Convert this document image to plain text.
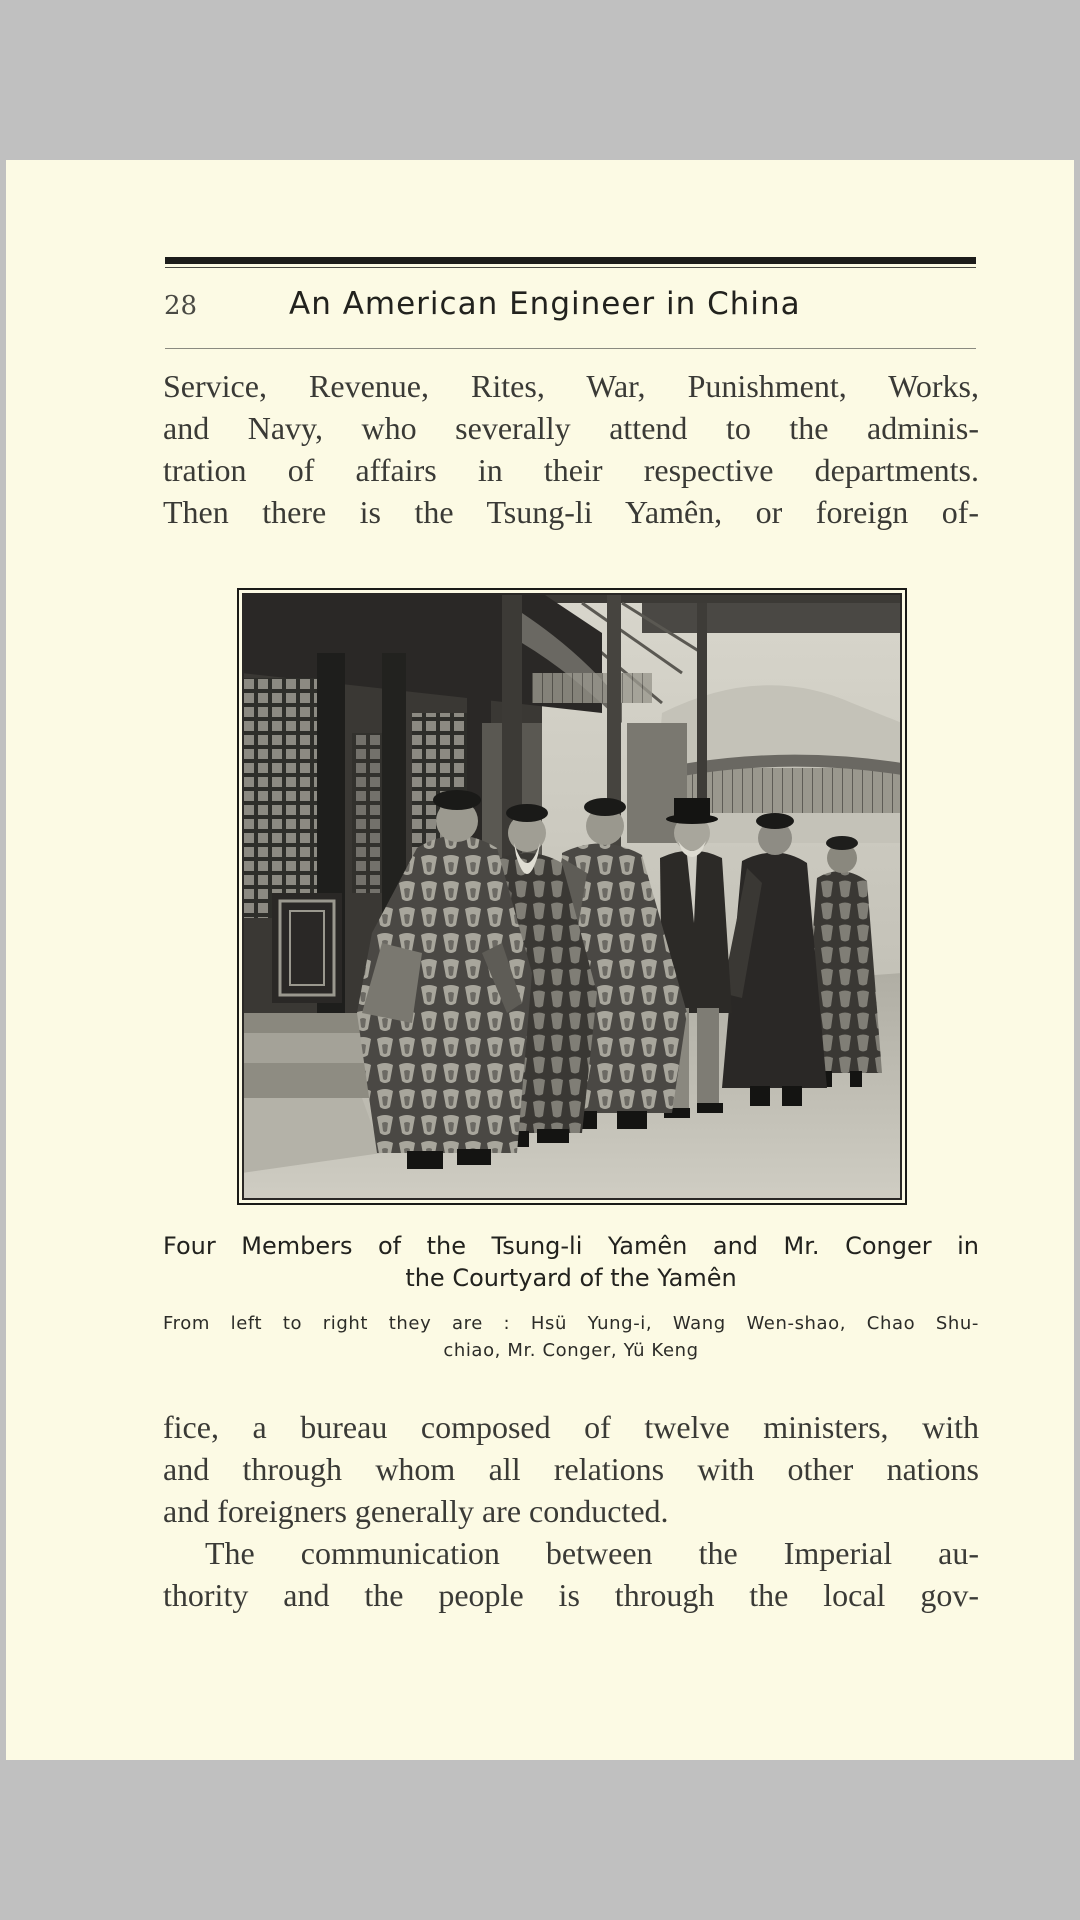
28	An American Engineer in China
Service, Revenue, Rites, War, Punishment, Works,
and Navy, who severally attend to the adminis-
tration of affairs in their respective departments.
Then there is the Tsung-li Yamên, or foreign of-
Four Members of the Tsung-li Yamên and Mr. Conger in
the Courtyard of the Yamên
From left to right they are : Hsü Yung-i, Wang Wen-shao, Chao Shu-
chiao, Mr. Conger, Yü Keng
fice, a bureau composed of twelve ministers, with
and through whom all relations with other nations
and foreigners generally are conducted.
The communication between the Imperial au-
thority and the people is through the local gov-
